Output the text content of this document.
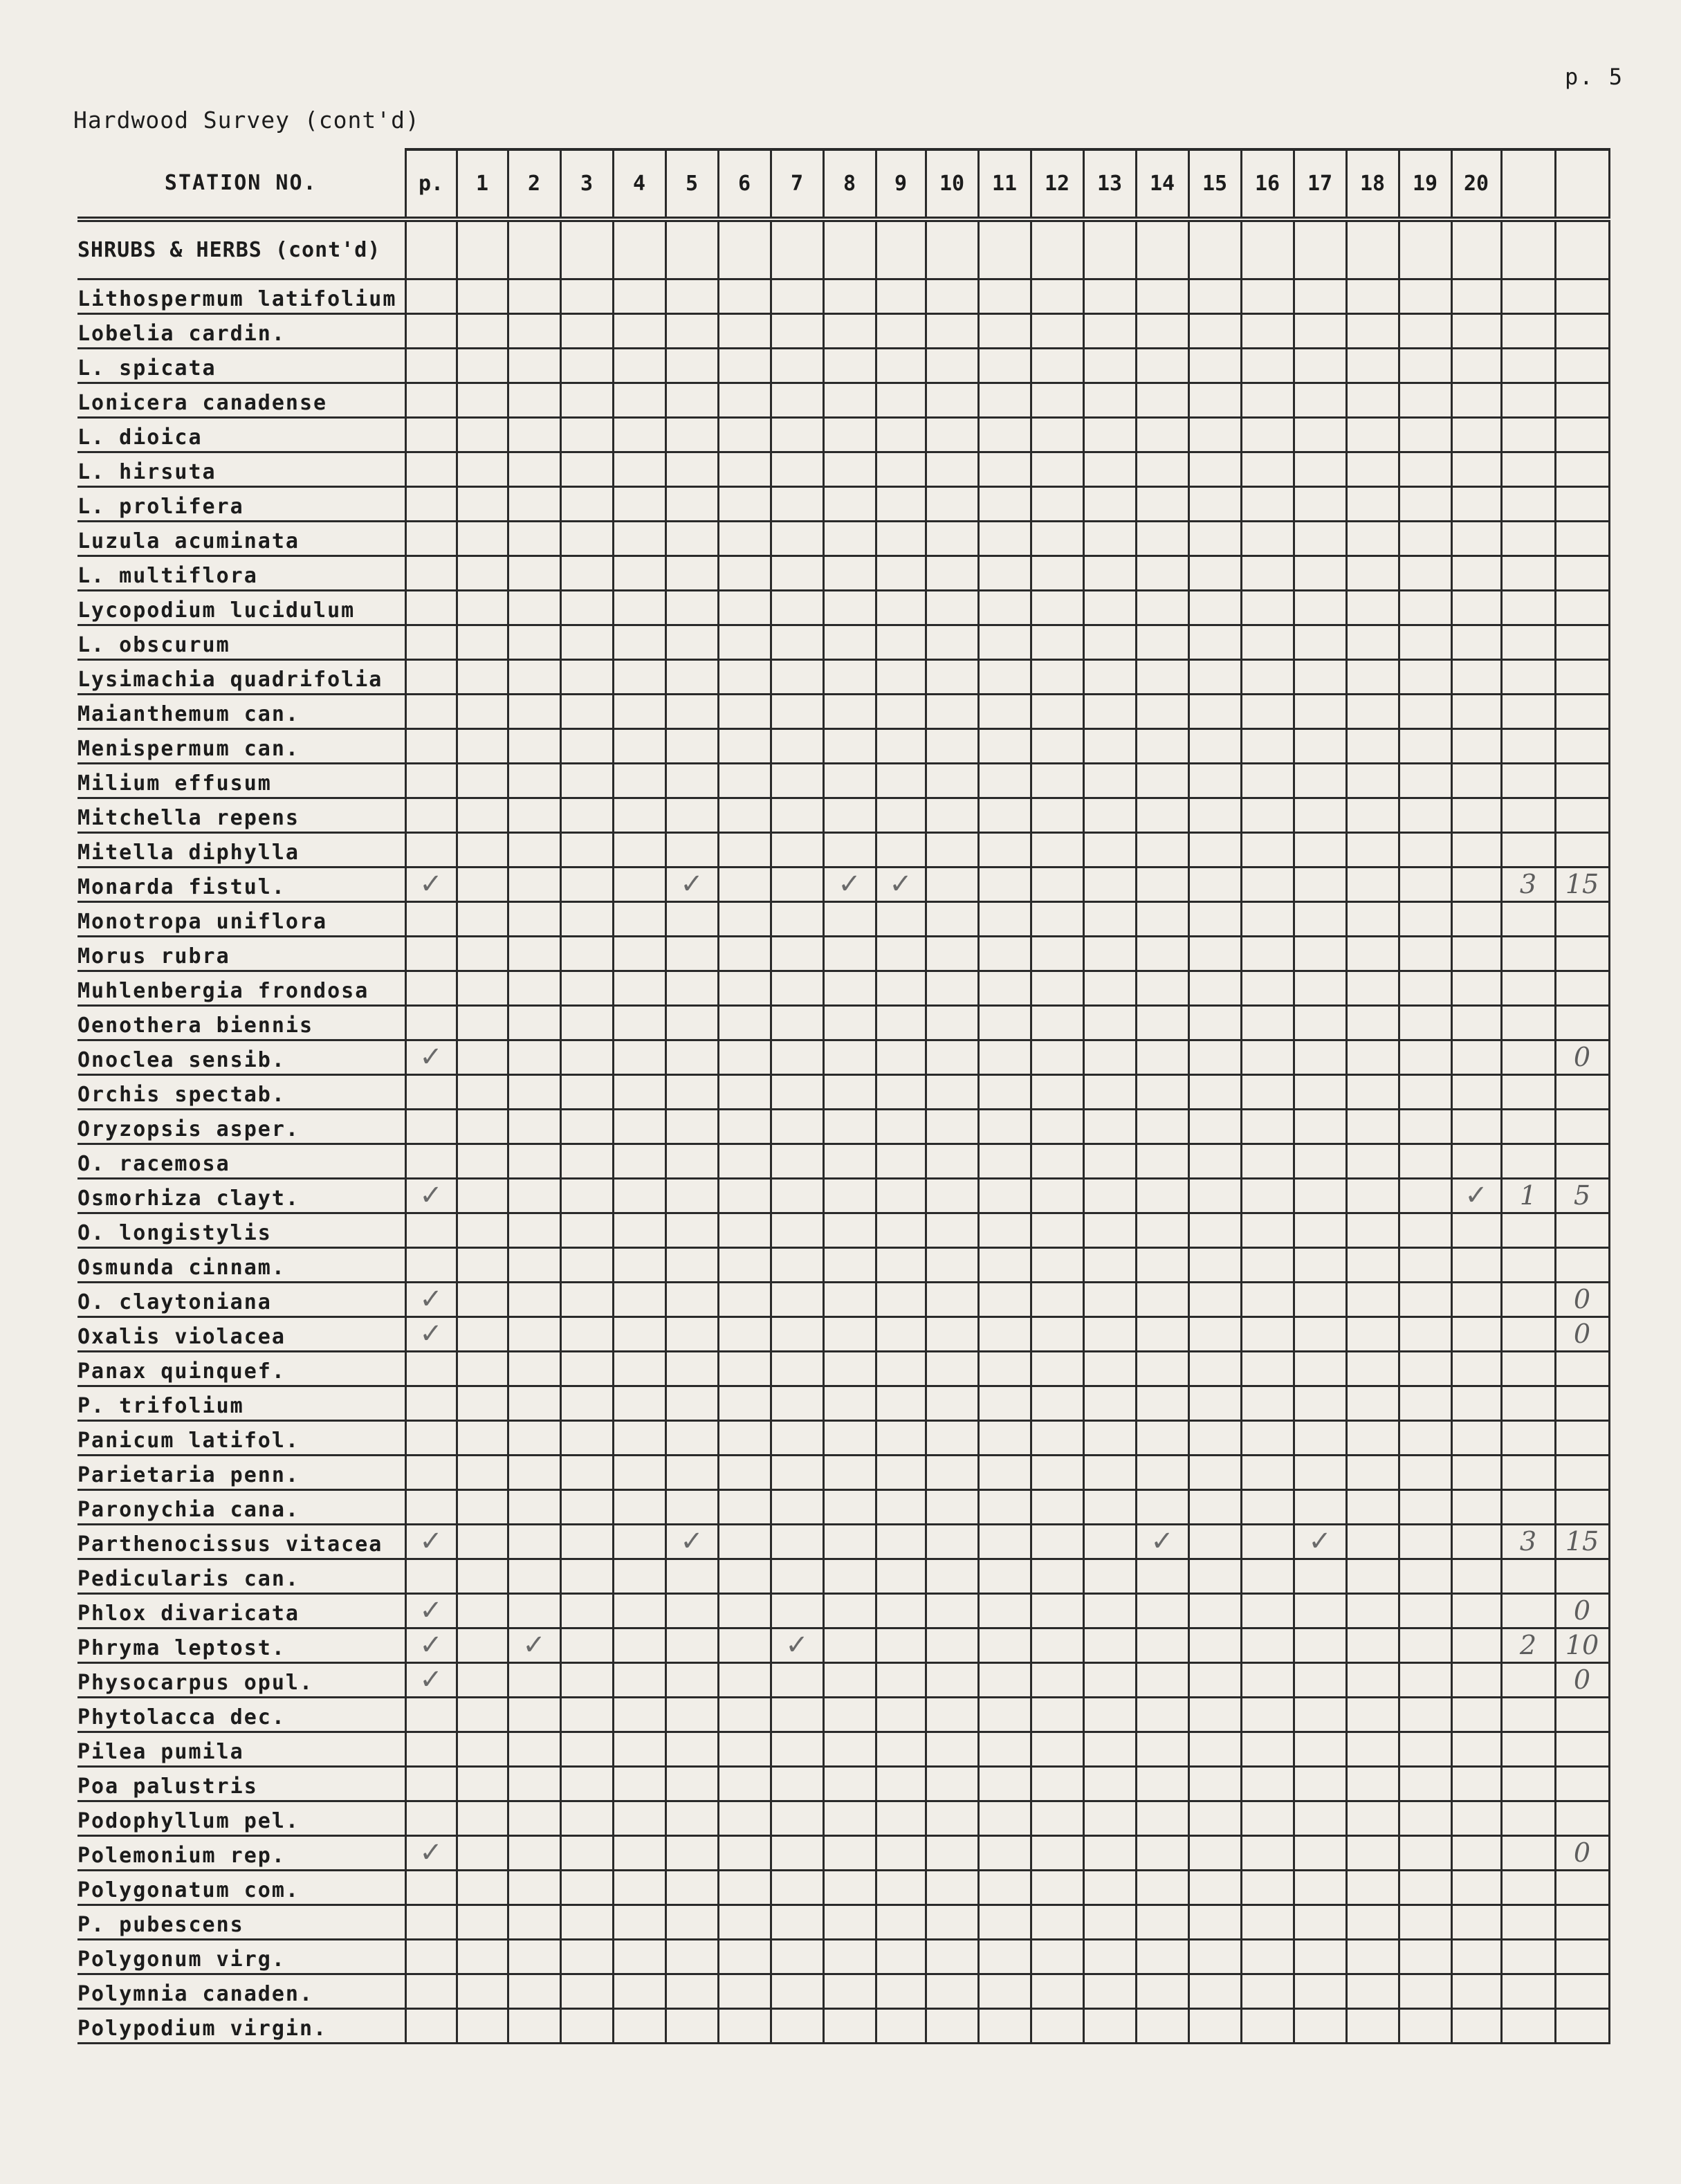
p. 5
Hardwood Survey (cont'd)
STATION NO.	p.	1	2	3	4	5	6	7	8	9	10	11	12	13	14	15	16	17	18	19	20		
SHRUBS & HERBS (cont'd)																							
Lithospermum latifolium																							
Lobelia cardin.																							
L. spicata																							
Lonicera canadense																							
L. dioica																							
L. hirsuta																							
L. prolifera																							
Luzula acuminata																							
L. multiflora																							
Lycopodium lucidulum																							
L. obscurum																							
Lysimachia quadrifolia																							
Maianthemum can.																							
Menispermum can.																							
Milium effusum																							
Mitchella repens																							
Mitella diphylla																							
Monarda fistul.	✓					✓			✓	✓												3	15
Monotropa uniflora																							
Morus rubra																							
Muhlenbergia frondosa																							
Oenothera biennis																							
Onoclea sensib.	✓																						0
Orchis spectab.																							
Oryzopsis asper.																							
O. racemosa																							
Osmorhiza clayt.	✓																				✓	1	5
O. longistylis																							
Osmunda cinnam.																							
O. claytoniana	✓																						0
Oxalis violacea	✓																						0
Panax quinquef.																							
P. trifolium																							
Panicum latifol.																							
Parietaria penn.																							
Paronychia cana.																							
Parthenocissus vitacea	✓					✓									✓			✓				3	15
Pedicularis can.																							
Phlox divaricata	✓																						0
Phryma leptost.	✓		✓					✓														2	10
Physocarpus opul.	✓																						0
Phytolacca dec.																							
Pilea pumila																							
Poa palustris																							
Podophyllum pel.																							
Polemonium rep.	✓																						0
Polygonatum com.																							
P. pubescens																							
Polygonum virg.																							
Polymnia canaden.																							
Polypodium virgin.																							
